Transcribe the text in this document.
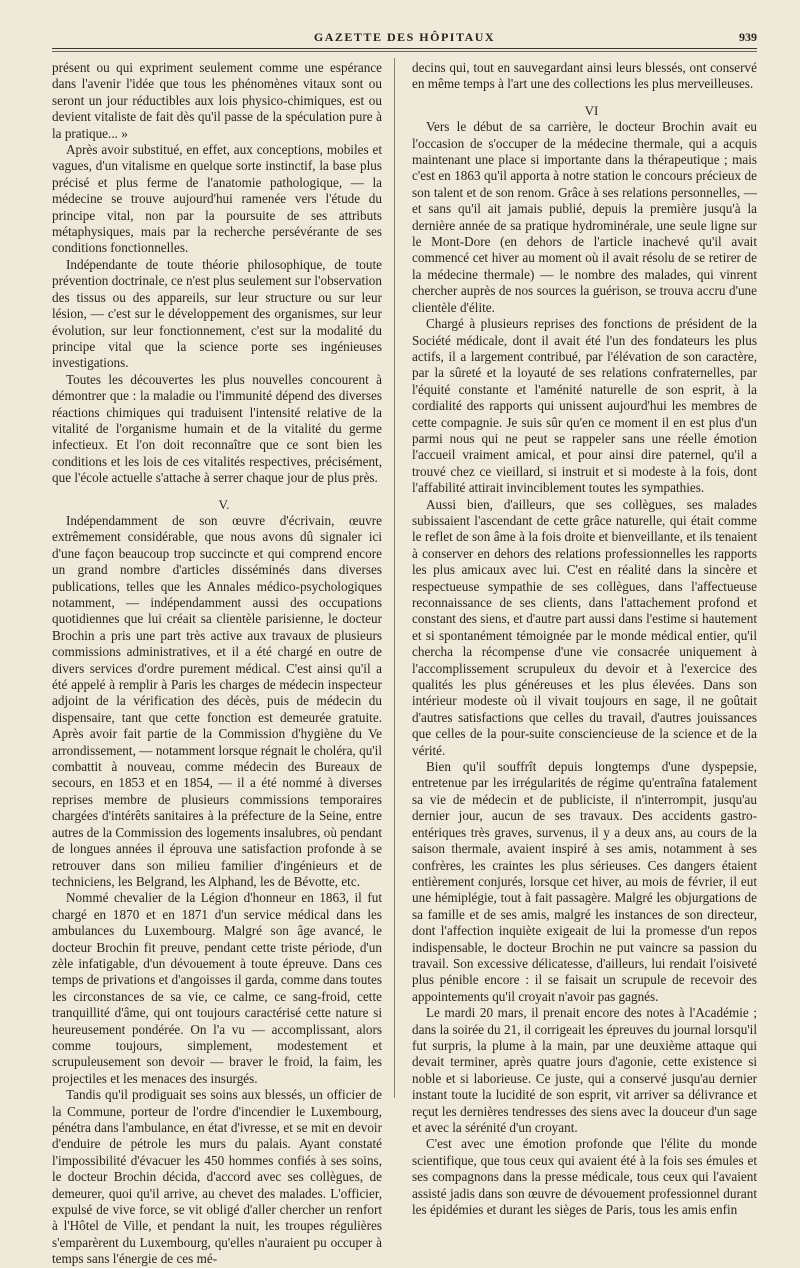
GAZETTE DES HÔPITAUX	939

présent ou qui expriment seulement comme une espérance dans l'avenir l'idée que tous les phénomènes vitaux sont ou seront un jour réductibles aux lois physico-chimiques, est ou devient vitaliste de fait dès qu'il passe de la spéculation pure à la pratique... »

Après avoir substitué, en effet, aux conceptions, mobiles et vagues, d'un vitalisme en quelque sorte instinctif, la base plus précisé et plus ferme de l'anatomie pathologique, — la médecine se trouve aujourd'hui ramenée vers l'étude du principe vital, non par la poursuite de ses attributs métaphysiques, mais par la recherche persévérante de ses conditions fonctionnelles.

Indépendante de toute théorie philosophique, de toute prévention doctrinale, ce n'est plus seulement sur l'observation des tissus ou des appareils, sur leur structure ou sur leur lésion, — c'est sur le développement des organismes, sur leur évolution, sur leur fonctionnement, c'est sur la modalité du principe vital que la science porte ses ingénieuses investigations.

Toutes les découvertes les plus nouvelles concourent à démontrer que : la maladie ou l'immunité dépend des diverses réactions chimiques qui traduisent l'intensité relative de la vitalité de l'organisme humain et de la vitalité du germe infectieux. Et l'on doit reconnaître que ce sont bien les conditions et les lois de ces vitalités respectives, précisément, que l'école actuelle s'attache à serrer chaque jour de plus près.

V.

Indépendamment de son œuvre d'écrivain, œuvre extrêmement considérable, que nous avons dû signaler ici d'une façon beaucoup trop succincte et qui comprend encore un grand nombre d'articles disséminés dans diverses publications, telles que les Annales médico-psychologiques notamment, — indépendamment aussi des occupations quotidiennes que lui créait sa clientèle parisienne, le docteur Brochin a pris une part très active aux travaux de plusieurs commissions administratives, et il a été chargé en outre de divers services d'ordre purement médical. C'est ainsi qu'il a été appelé à remplir à Paris les charges de médecin inspecteur adjoint de la vérification des décès, puis de médecin du dispensaire, tant que cette fonction est demeurée gratuite. Après avoir fait partie de la Commission d'hygiène du Ve arrondissement, — notamment lorsque régnait le choléra, qu'il combattit à nouveau, comme médecin des Bureaux de secours, en 1853 et en 1854, — il a été nommé à diverses reprises membre de plusieurs commissions temporaires chargées d'intérêts sanitaires à la préfecture de la Seine, entre autres de la Commission des logements insalubres, où pendant de longues années il éprouva une satisfaction profonde à se retrouver dans son milieu familier d'ingénieurs et de techniciens, les Belgrand, les Alphand, les de Bévotte, etc.

Nommé chevalier de la Légion d'honneur en 1863, il fut chargé en 1870 et en 1871 d'un service médical dans les ambulances du Luxembourg. Malgré son âge avancé, le docteur Brochin fit preuve, pendant cette triste période, d'un zèle infatigable, d'un dévouement à toute épreuve. Dans ces temps de privations et d'angoisses il garda, comme dans toutes les circonstances de sa vie, ce calme, ce sang-froid, cette tranquillité d'âme, qui ont toujours caractérisé cette nature si heureusement pondérée. On l'a vu — accomplissant, alors comme toujours, simplement, modestement et scrupuleusement son devoir — braver le froid, la faim, les projectiles et les menaces des insurgés.

Tandis qu'il prodiguait ses soins aux blessés, un officier de la Commune, porteur de l'ordre d'incendier le Luxembourg, pénétra dans l'ambulance, en état d'ivresse, et se mit en devoir d'enduire de pétrole les murs du palais. Ayant constaté l'impossibilité d'évacuer les 450 hommes confiés à ses soins, le docteur Brochin décida, d'accord avec ses collègues, de demeurer, quoi qu'il arrive, au chevet des malades. L'officier, expulsé de vive force, se vit obligé d'aller chercher un renfort à l'Hôtel de Ville, et pendant la nuit, les troupes régulières s'emparèrent du Luxembourg, qu'elles n'auraient pu occuper à temps sans l'énergie de ces mé-

decins qui, tout en sauvegardant ainsi leurs blessés, ont conservé en même temps à l'art une des collections les plus merveilleuses.

VI

Vers le début de sa carrière, le docteur Brochin avait eu l'occasion de s'occuper de la médecine thermale, qui a acquis maintenant une place si importante dans la thérapeutique ; mais c'est en 1863 qu'il apporta à notre station le concours précieux de son talent et de son renom. Grâce à ses relations personnelles, — et sans qu'il ait jamais publié, depuis la première jusqu'à la dernière année de sa pratique hydrominérale, une seule ligne sur le Mont-Dore (en dehors de l'article inachevé qu'il avait commencé cet hiver au moment où il avait résolu de se retirer de la médecine thermale) — le nombre des malades, qui vinrent chercher auprès de nos sources la guérison, se trouva accru d'une clientèle d'élite.

Chargé à plusieurs reprises des fonctions de président de la Société médicale, dont il avait été l'un des fondateurs les plus actifs, il a largement contribué, par l'élévation de son caractère, par la sûreté et la loyauté de ses relations confraternelles, par l'équité constante et l'aménité naturelle de son esprit, à la cordialité des rapports qui unissent aujourd'hui les membres de cette compagnie. Je suis sûr qu'en ce moment il en est plus d'un parmi nous qui ne peut se rappeler sans une réelle émotion l'accueil vraiment amical, et pour ainsi dire paternel, qu'il a trouvé chez ce vieillard, si instruit et si modeste à la fois, dont l'affabilité attirait invinciblement toutes les sympathies.

Aussi bien, d'ailleurs, que ses collègues, ses malades subissaient l'ascendant de cette grâce naturelle, qui était comme le reflet de son âme à la fois droite et bienveillante, et ils tenaient à conserver en dehors des relations professionnelles les rapports les plus amicaux avec lui. C'est en réalité dans la sincère et respectueuse sympathie de ses collègues, dans l'affectueuse reconnaissance de ses clients, dans l'attachement profond et constant des siens, et d'autre part aussi dans l'estime si hautement et si spontanément témoignée par le monde médical entier, qu'il chercha la récompense d'une vie consacrée uniquement à l'accomplissement scrupuleux du devoir et à l'exercice des qualités les plus généreuses et les plus élevées. Dans son intérieur modeste où il vivait toujours en sage, il ne goûtait d'autres satisfactions que celles du travail, d'autres jouissances que celles de la pour-suite consciencieuse de la science et de la vérité.

Bien qu'il souffrît depuis longtemps d'une dyspepsie, entretenue par les irrégularités de régime qu'entraîna fatalement sa vie de médecin et de publiciste, il n'interrompit, jusqu'au dernier jour, aucun de ses travaux. Des accidents gastro-entériques très graves, survenus, il y a deux ans, au cours de la saison thermale, avaient inspiré à ses amis, notamment à ses confrères, les craintes les plus sérieuses. Ces dangers étaient entièrement conjurés, lorsque cet hiver, au mois de février, il eut une hémiplégie, tout à fait passagère. Malgré les objurgations de sa famille et de ses amis, malgré les instances de son directeur, dont l'affection inquiète exigeait de lui la promesse d'un repos indispensable, le docteur Brochin ne put vaincre sa passion du travail. Son excessive délicatesse, d'ailleurs, lui rendait l'oisiveté plus pénible encore : il se faisait un scrupule de recevoir des appointements qu'il croyait n'avoir pas gagnés.

Le mardi 20 mars, il prenait encore des notes à l'Académie ; dans la soirée du 21, il corrigeait les épreuves du journal lorsqu'il fut surpris, la plume à la main, par une deuxième attaque qui devait terminer, après quatre jours d'agonie, cette existence si noble et si laborieuse. Ce juste, qui a conservé jusqu'au dernier instant toute la lucidité de son esprit, vit arriver sa délivrance et reçut les dernières tendresses des siens avec la douceur d'un sage et avec la sérénité d'un croyant.

C'est avec une émotion profonde que l'élite du monde scientifique, que tous ceux qui avaient été à la fois ses émules et ses compagnons dans la presse médicale, tous ceux qui l'avaient assisté jadis dans son œuvre de dévouement professionnel durant les épidémies et durant les sièges de Paris, tous les amis enfin
